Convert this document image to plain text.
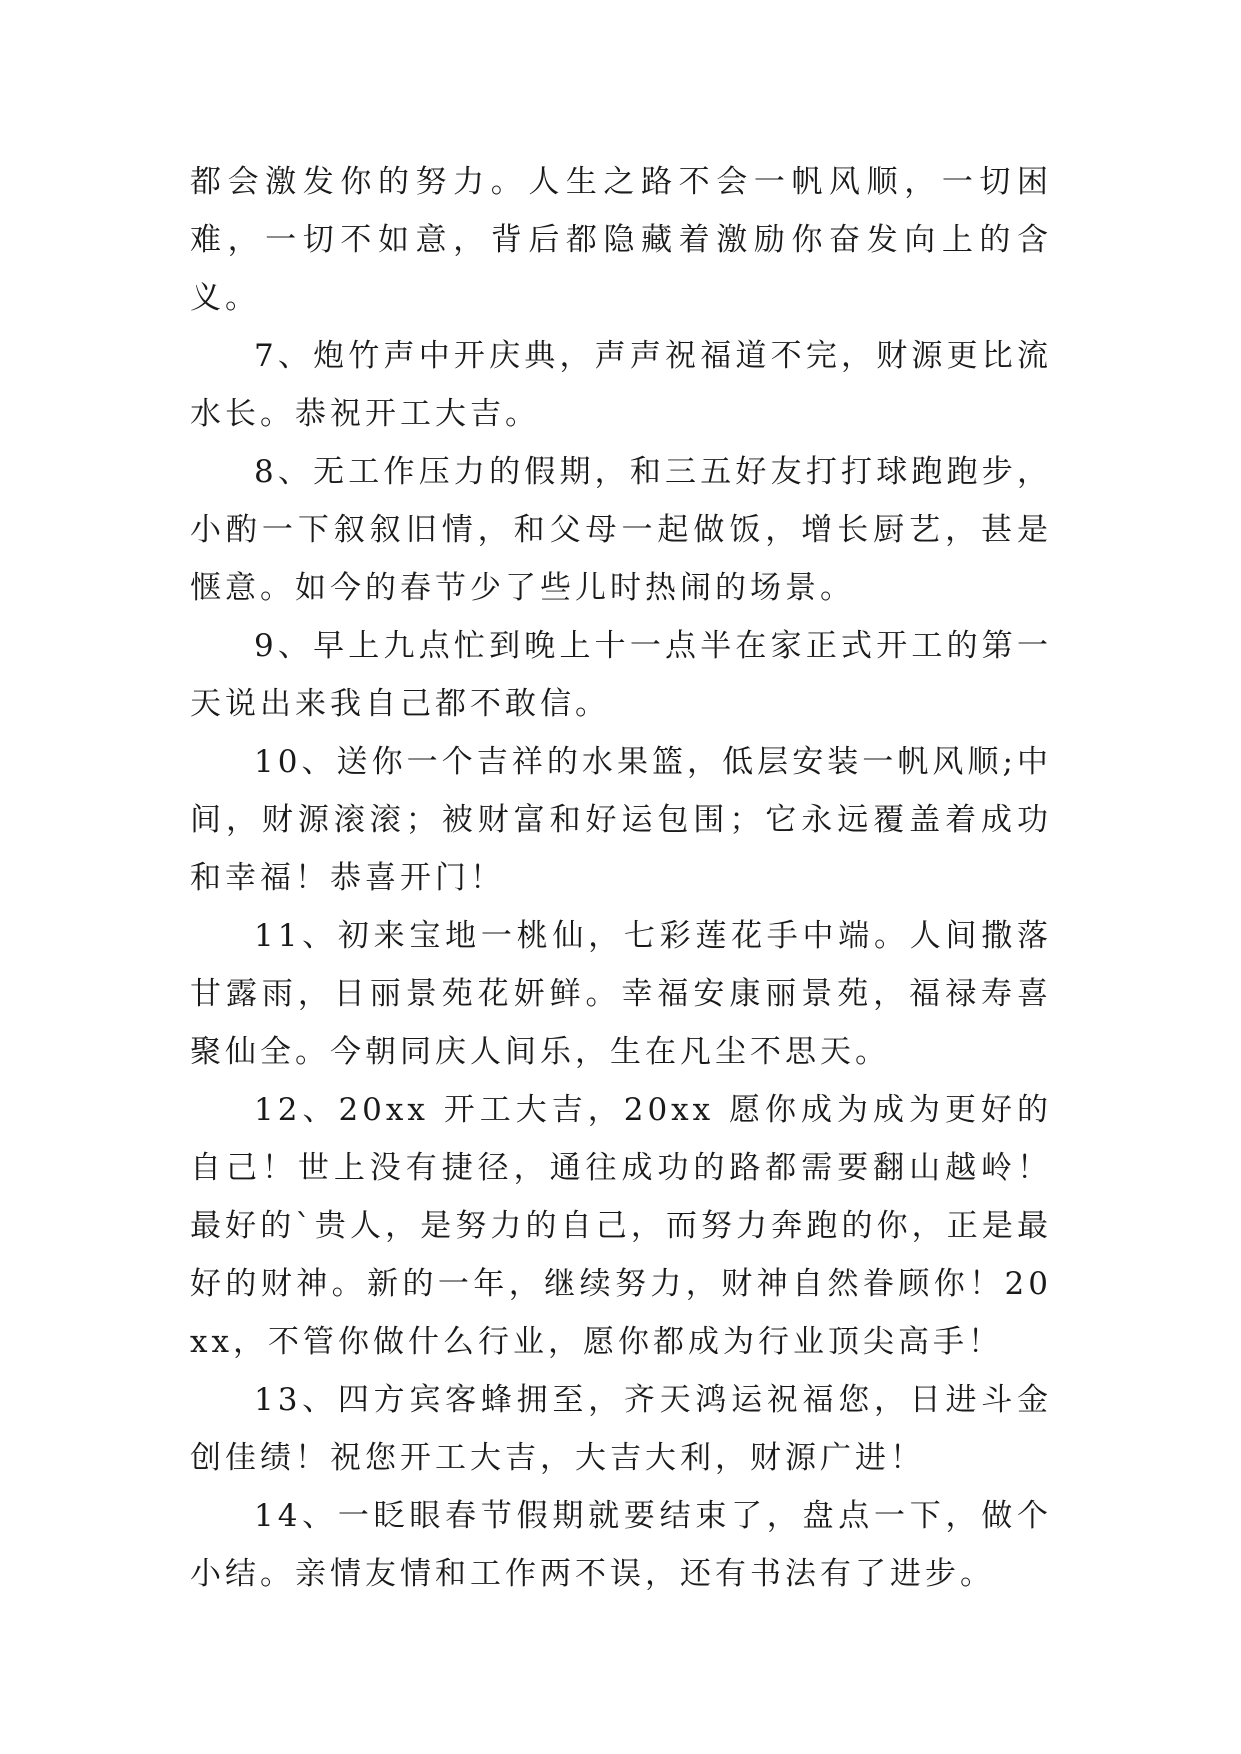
都会激发你的努力。人生之路不会一帆风顺，一切困难，一切不如意，背后都隐藏着激励你奋发向上的含义。

7、炮竹声中开庆典，声声祝福道不完，财源更比流水长。恭祝开工大吉。

8、无工作压力的假期，和三五好友打打球跑跑步，小酌一下叙叙旧情，和父母一起做饭，增长厨艺，甚是惬意。如今的春节少了些儿时热闹的场景。

9、早上九点忙到晚上十一点半在家正式开工的第一天说出来我自己都不敢信。

10、送你一个吉祥的水果篮，低层安装一帆风顺;中间，财源滚滚；被财富和好运包围；它永远覆盖着成功和幸福！恭喜开门！

11、初来宝地一桃仙，七彩莲花手中端。人间撒落甘露雨，日丽景苑花妍鲜。幸福安康丽景苑，福禄寿喜聚仙全。今朝同庆人间乐，生在凡尘不思天。

12、20xx 开工大吉，20xx 愿你成为成为更好的自己！世上没有捷径，通往成功的路都需要翻山越岭！最好的`贵人，是努力的自己，而努力奔跑的你，正是最好的财神。新的一年，继续努力，财神自然眷顾你！20xx，不管你做什么行业，愿你都成为行业顶尖高手！

13、四方宾客蜂拥至，齐天鸿运祝福您，日进斗金创佳绩！祝您开工大吉，大吉大利，财源广进！

14、一眨眼春节假期就要结束了，盘点一下，做个小结。亲情友情和工作两不误，还有书法有了进步。
